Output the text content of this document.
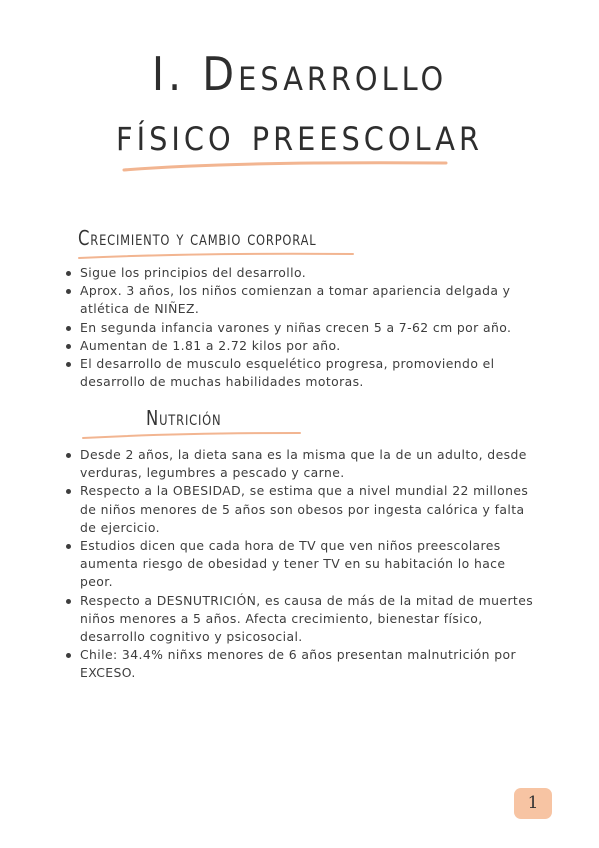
I. Desarrollo
físico preescolar
Crecimiento y cambio corporal
Sigue los principios del desarrollo.
Aprox. 3 años, los niños comienzan a tomar apariencia delgada y atlética de NIÑEZ.
En segunda infancia varones y niñas crecen 5 a 7-62 cm por año.
Aumentan de 1.81 a 2.72 kilos por año.
El desarrollo de musculo esquelético progresa, promoviendo el desarrollo de muchas habilidades motoras.
Nutrición
Desde 2 años, la dieta sana es la misma que la de un adulto, desde verduras, legumbres a pescado y carne.
Respecto a la OBESIDAD, se estima que a nivel mundial 22 millones de niños menores de 5 años son obesos por ingesta calórica y falta de ejercicio.
Estudios dicen que cada hora de TV que ven niños preescolares aumenta riesgo de obesidad y tener TV en su habitación lo hace peor.
Respecto a DESNUTRICIÓN, es causa de más de la mitad de muertes niños menores a 5 años. Afecta crecimiento, bienestar físico, desarrollo cognitivo y psicosocial.
Chile: 34.4% niñxs menores de 6 años presentan malnutrición por EXCESO.
1
